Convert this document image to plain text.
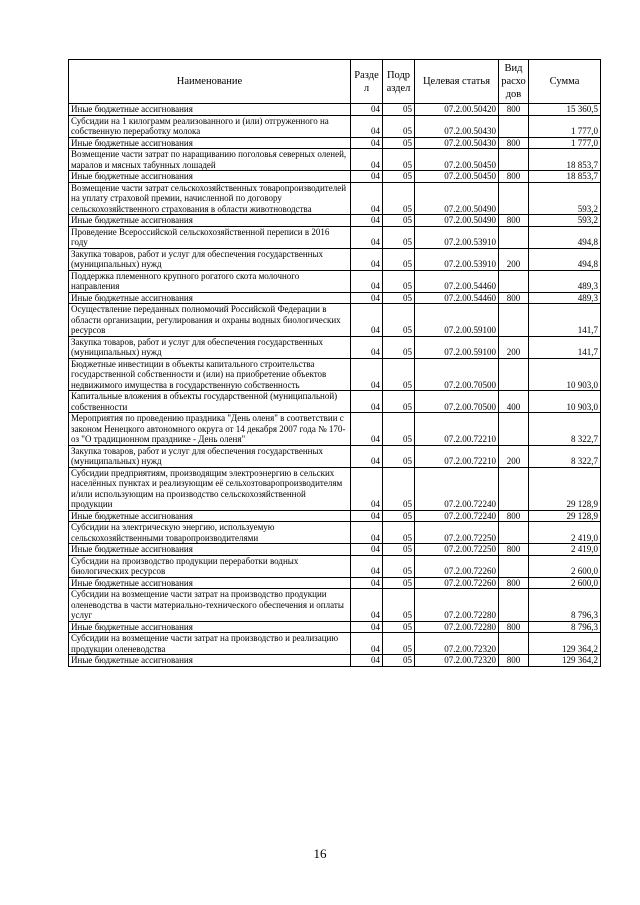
Наименование	Разде л	Подр аздел	Целевая статья	Вид расхо дов	Сумма
Иные бюджетные ассигнования	04	05	07.2.00.50420	800	15 360,5
Субсидии на 1 килограмм реализованного и (или) отгруженного на собственную переработку молока	04	05	07.2.00.50430		1 777,0
Иные бюджетные ассигнования	04	05	07.2.00.50430	800	1 777,0
Возмещение части затрат по наращиванию поголовья северных оленей, маралов и мясных табунных лошадей	04	05	07.2.00.50450		18 853,7
Иные бюджетные ассигнования	04	05	07.2.00.50450	800	18 853,7
Возмещение части затрат сельскохозяйственных товаропроизводителей на уплату страховой премии, начисленной по договору сельскохозяйственного страхования в области животноводства	04	05	07.2.00.50490		593,2
Иные бюджетные ассигнования	04	05	07.2.00.50490	800	593,2
Проведение Всероссийской сельскохозяйственной переписи в 2016 году	04	05	07.2.00.53910		494,8
Закупка товаров, работ и услуг для обеспечения государственных (муниципальных) нужд	04	05	07.2.00.53910	200	494,8
Поддержка племенного крупного рогатого скота молочного направления	04	05	07.2.00.54460		489,3
Иные бюджетные ассигнования	04	05	07.2.00.54460	800	489,3
Осуществление переданных полномочий Российской Федерации в области организации, регулирования и охраны водных биологических ресурсов	04	05	07.2.00.59100		141,7
Закупка товаров, работ и услуг для обеспечения государственных (муниципальных) нужд	04	05	07.2.00.59100	200	141,7
Бюджетные инвестиции в объекты капитального строительства государственной собственности и (или) на приобретение объектов недвижимого имущества в государственную собственность	04	05	07.2.00.70500		10 903,0
Капитальные вложения в объекты государственной (муниципальной) собственности	04	05	07.2.00.70500	400	10 903,0
Мероприятия по проведению праздника "День оленя" в соответствии с законом Ненецкого автономного округа от 14 декабря 2007 года № 170-оз "О традиционном празднике - День оленя"	04	05	07.2.00.72210		8 322,7
Закупка товаров, работ и услуг для обеспечения государственных (муниципальных) нужд	04	05	07.2.00.72210	200	8 322,7
Субсидии предприятиям, производящим электроэнергию в сельских населённых пунктах и реализующим её сельхозтоваропроизводителям и/или использующим на производство сельскохозяйственной продукции	04	05	07.2.00.72240		29 128,9
Иные бюджетные ассигнования	04	05	07.2.00.72240	800	29 128,9
Субсидии на электрическую энергию, используемую сельскохозяйственными товаропроизводителями	04	05	07.2.00.72250		2 419,0
Иные бюджетные ассигнования	04	05	07.2.00.72250	800	2 419,0
Субсидии на производство продукции переработки водных биологических ресурсов	04	05	07.2.00.72260		2 600,0
Иные бюджетные ассигнования	04	05	07.2.00.72260	800	2 600,0
Субсидии на возмещение части затрат на производство продукции оленеводства в части материально-технического обеспечения и оплаты услуг	04	05	07.2.00.72280		8 796,3
Иные бюджетные ассигнования	04	05	07.2.00.72280	800	8 796,3
Субсидии на возмещение части затрат на производство и реализацию продукции оленеводства	04	05	07.2.00.72320		129 364,2
Иные бюджетные ассигнования	04	05	07.2.00.72320	800	129 364,2
16
